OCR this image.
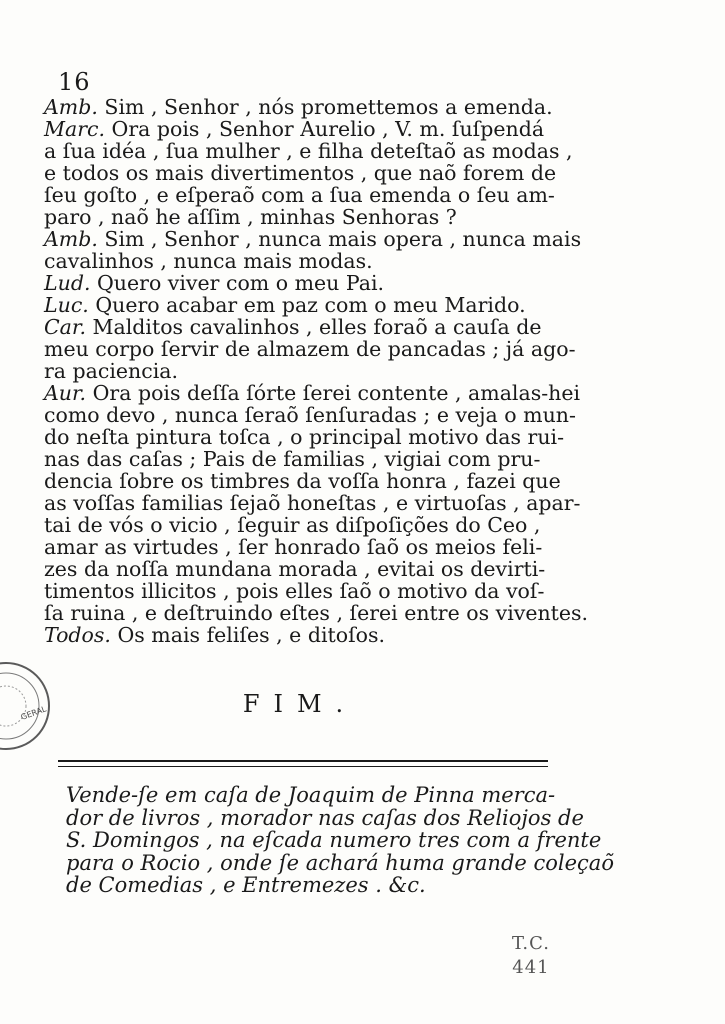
16

Amb. Sim , Senhor , nós promettemos a emenda.

Marc. Ora pois , Senhor Aurelio , V. m. ſuſpendá
a ſua idéa , ſua mulher , e filha deteſtaõ as modas ,
e todos os mais divertimentos , que naõ forem de
ſeu goſto , e eſperaõ com a ſua emenda o ſeu am-
paro , naõ he aſſim , minhas Senhoras ?

Amb. Sim , Senhor , nunca mais opera , nunca mais
cavalinhos , nunca mais modas.

Lud. Quero viver com o meu Pai.

Luc. Quero acabar em paz com o meu Marido.

Car. Malditos cavalinhos , elles foraõ a cauſa de
meu corpo ſervir de almazem de pancadas ; já ago-
ra paciencia.

Aur. Ora pois deſſa ſórte ſerei contente , amalas-hei
como devo , nunca ſeraõ ſenſuradas ; e veja o mun-
do neſta pintura toſca , o principal motivo das rui-
nas das caſas ; Pais de familias , vigiai com pru-
dencia ſobre os timbres da voſſa honra , fazei que
as voſſas familias ſejaõ honeſtas , e virtuoſas , apar-
tai de vós o vicio , ſeguir as diſpoſições do Ceo ,
amar as virtudes , ſer honrado ſaõ os meios feli-
zes da noſſa mundana morada , evitai os devirti-
timentos illicitos , pois elles ſaõ o motivo da voſ-
ſa ruina , e deſtruindo eſtes , ſerei entre os viventes.

Todos. Os mais feliſes , e ditoſos.

FIM.
Vende-ſe em caſa de Joaquim de Pinna merca-
dor de livros , morador nas caſas dos Reliojos de
S. Domingos , na eſcada numero tres com a frente
para o Rocio , onde ſe achará huma grande coleçaõ
de Comedias , e Entremezes . &c.
GERAL
T.C.
441
